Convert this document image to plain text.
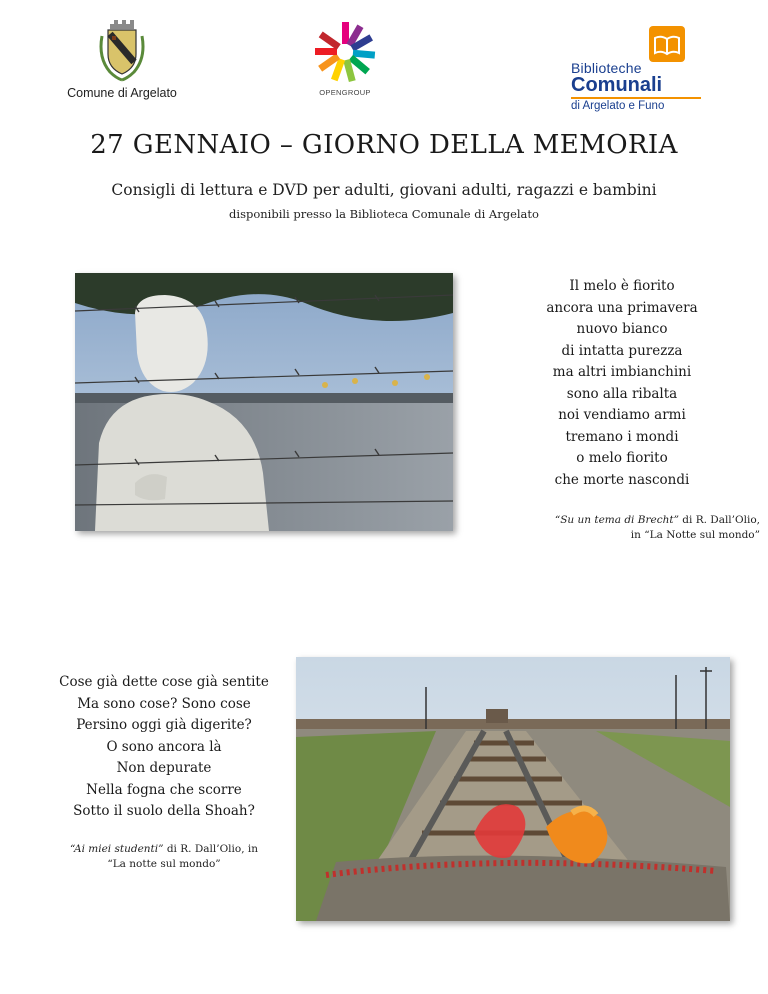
Comune di Argelato	OPENGROUP
Biblioteche
Comunali
di Argelato e Funo
27 GENNAIO – GIORNO DELLA MEMORIA
Consigli di lettura e DVD per adulti, giovani adulti, ragazzi e bambini
disponibili presso la Biblioteca Comunale di Argelato
Il melo è fiorito
ancora una primavera
nuovo bianco
di intatta purezza
ma altri imbianchini
sono alla ribalta
noi vendiamo armi
tremano i mondi
o melo fiorito
che morte nascondi
“Su un tema di Brecht” di R. Dall’Olio,
in “La Notte sul mondo”
Cose già dette cose già sentite
Ma sono cose? Sono cose
Persino oggi già digerite?
O sono ancora là
Non depurate
Nella fogna che scorre
Sotto il suolo della Shoah?
“Ai miei studenti” di R. Dall’Olio, in
“La notte sul mondo”
